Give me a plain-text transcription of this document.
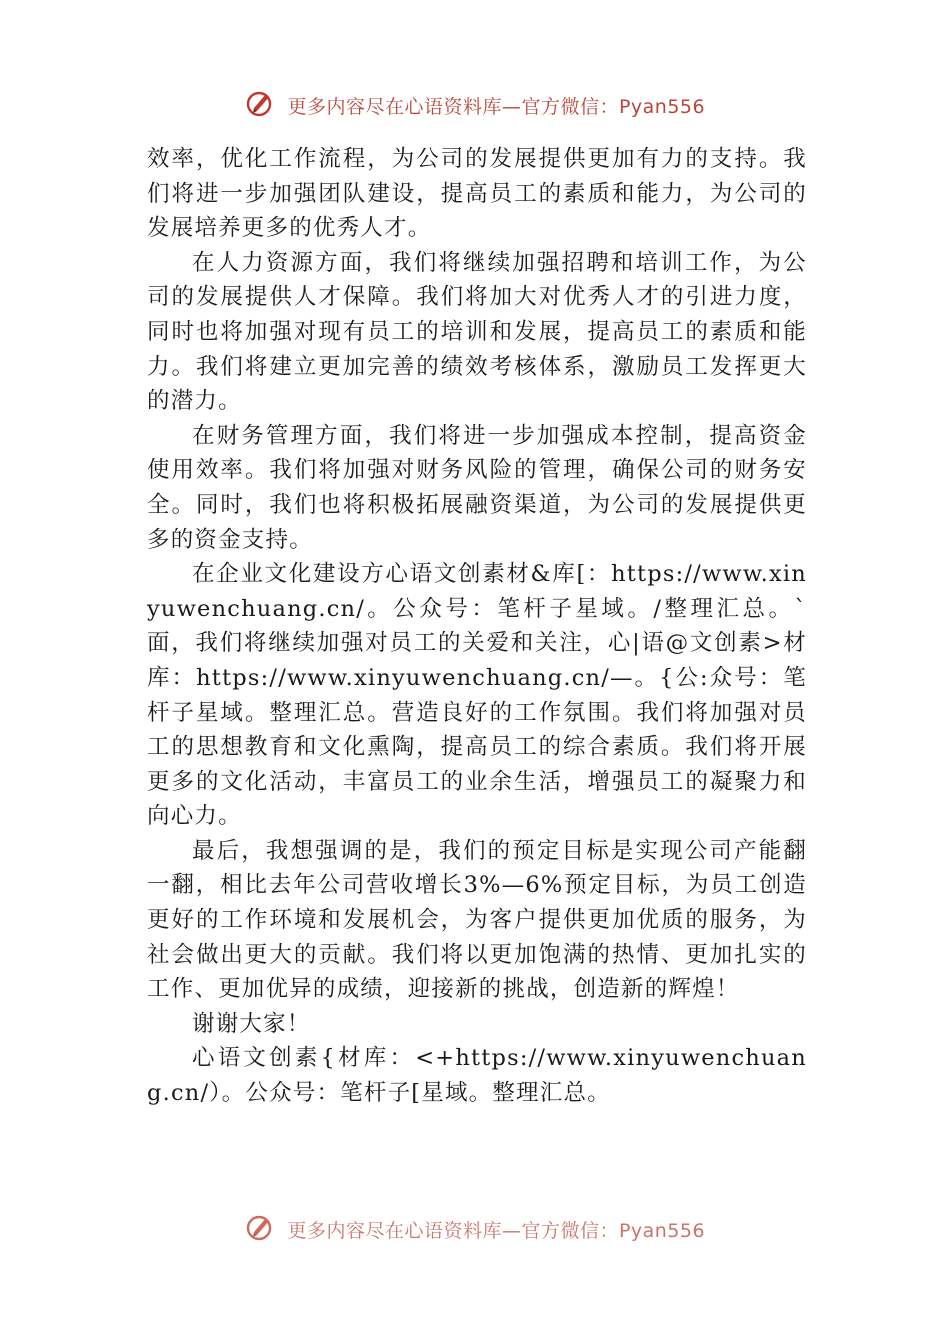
更多内容尽在心语资料库—官方微信：Pyan556

效率，优化工作流程，为公司的发展提供更加有力的支持。我们将进一步加强团队建设，提高员工的素质和能力，为公司的发展培养更多的优秀人才。

在人力资源方面，我们将继续加强招聘和培训工作，为公司的发展提供人才保障。我们将加大对优秀人才的引进力度，同时也将加强对现有员工的培训和发展，提高员工的素质和能力。我们将建立更加完善的绩效考核体系，激励员工发挥更大的潜力。

在财务管理方面，我们将进一步加强成本控制，提高资金使用效率。我们将加强对财务风险的管理，确保公司的财务安全。同时，我们也将积极拓展融资渠道，为公司的发展提供更多的资金支持。

在企业文化建设方心语文创素材&库[：https://www.xinyuwenchuang.cn/。公众号：笔杆子星域。/整理汇总。`面，我们将继续加强对员工的关爱和关注，心|语@文创素>材库：https://www.xinyuwenchuang.cn/—。{公:众号：笔杆子星域。整理汇总。营造良好的工作氛围。我们将加强对员工的思想教育和文化熏陶，提高员工的综合素质。我们将开展更多的文化活动，丰富员工的业余生活，增强员工的凝聚力和向心力。

最后，我想强调的是，我们的预定目标是实现公司产能翻一翻，相比去年公司营收增长3%—6%预定目标，为员工创造更好的工作环境和发展机会，为客户提供更加优质的服务，为社会做出更大的贡献。我们将以更加饱满的热情、更加扎实的工作、更加优异的成绩，迎接新的挑战，创造新的辉煌！

谢谢大家！

心语文创素{材库：<+https://www.xinyuwenchuang.cn/）。公众号：笔杆子[星域。整理汇总。

更多内容尽在心语资料库—官方微信：Pyan556
